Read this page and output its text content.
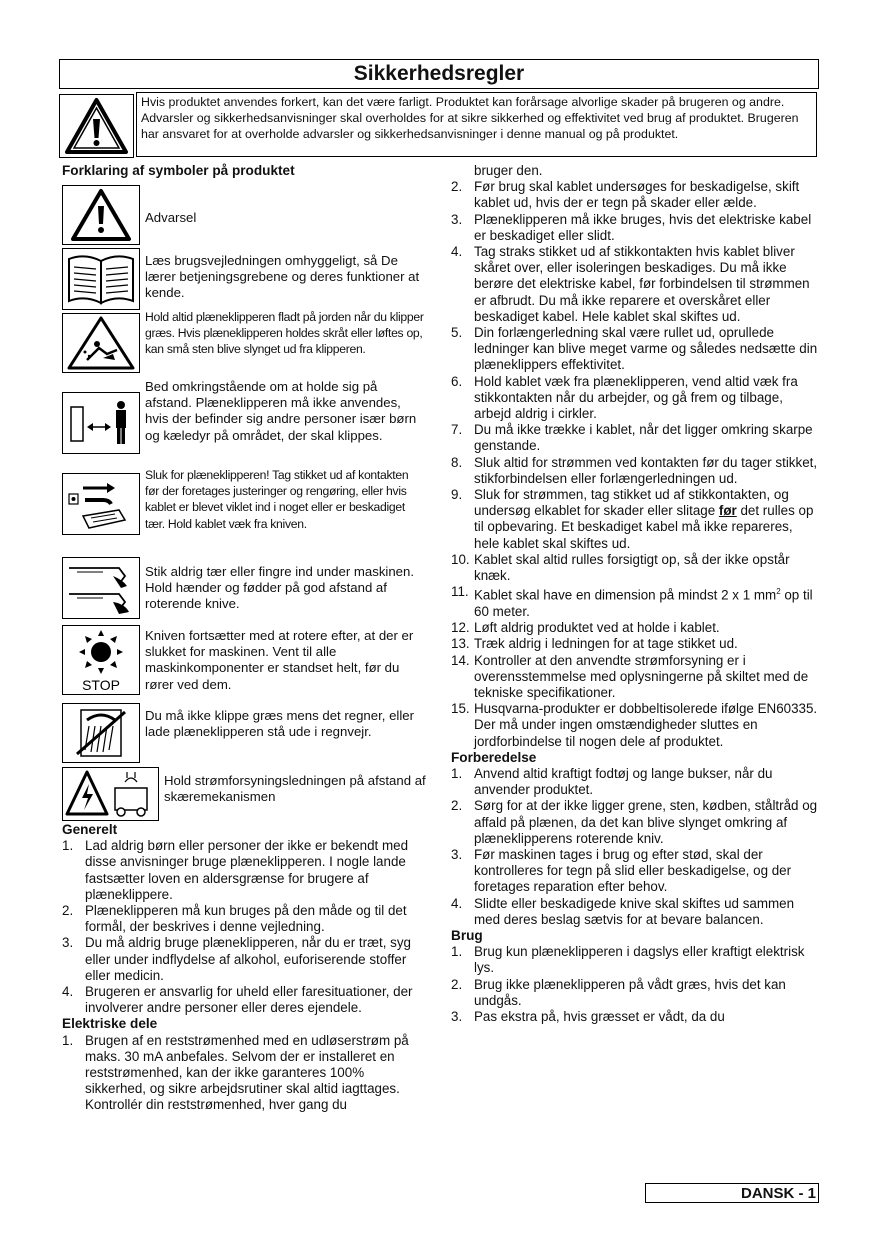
Sikkerhedsregler
Hvis produktet anvendes forkert, kan det være farligt. Produktet kan forårsage alvorlige skader på brugeren og andre. Advarsler og sikkerhedsanvisninger skal overholdes for at sikre sikkerhed og effektivitet ved brug af produktet. Brugeren har ansvaret for at overholde advarsler og sikkerhedsanvisninger i denne manual og på produktet.
Forklaring af symboler på produktet
Advarsel
Læs brugsvejledningen omhyggeligt, så De lærer betjeningsgrebene og deres funktioner at kende.
Hold altid plæneklipperen fladt på jorden når du klipper græs. Hvis plæneklipperen holdes skråt eller løftes op, kan små sten blive slynget ud fra klipperen.
Bed omkringstående om at holde sig på afstand. Plæneklipperen må ikke anvendes, hvis der befinder sig andre personer især børn og kæledyr på området, der skal klippes.
Sluk for plæneklipperen! Tag stikket ud af kontakten før der foretages justeringer og rengøring, eller hvis kablet er blevet viklet ind i noget eller er beskadiget tær. Hold kablet væk fra kniven.
Stik aldrig tær eller fingre ind under maskinen. Hold hænder og fødder på god afstand af roterende knive.
STOP
Kniven fortsætter med at rotere efter, at der er slukket for maskinen. Vent til alle maskinkomponenter er standset helt, før du rører ved dem.
Du må ikke klippe græs mens det regner, eller lade plæneklipperen stå ude i regnvejr.
Hold strømforsyningsledningen på afstand af skæremekanismen
Generelt
1. Lad aldrig børn eller personer der ikke er bekendt med disse anvisninger bruge plæneklipperen. I nogle lande fastsætter loven en aldersgrænse for brugere af plæneklippere.
2. Plæneklipperen må kun bruges på den måde og til det formål, der beskrives i denne vejledning.
3. Du må aldrig bruge plæneklipperen, når du er træt, syg eller under indflydelse af alkohol, euforiserende stoffer eller medicin.
4. Brugeren er ansvarlig for uheld eller faresituationer, der involverer andre personer eller deres ejendele.
Elektriske dele
1. Brugen af en reststrømenhed med en udløserstrøm på maks. 30 mA anbefales. Selvom der er installeret en reststrømenhed, kan der ikke garanteres 100% sikkerhed, og sikre arbejdsrutiner skal altid iagttages. Kontrollér din reststrømenhed, hver gang du
bruger den.
2. Før brug skal kablet undersøges for beskadigelse, skift kablet ud, hvis der er tegn på skader eller ælde.
3. Plæneklipperen må ikke bruges, hvis det elektriske kabel er beskadiget eller slidt.
4. Tag straks stikket ud af stikkontakten hvis kablet bliver skåret over, eller isoleringen beskadiges. Du må ikke berøre det elektriske kabel, før forbindelsen til strømmen er afbrudt. Du må ikke reparere et overskåret eller beskadiget kabel. Hele kablet skal skiftes ud.
5. Din forlængerledning skal være rullet ud, oprullede ledninger kan blive meget varme og således nedsætte din plæneklippers effektivitet.
6. Hold kablet væk fra plæneklipperen, vend altid væk fra stikkontakten når du arbejder, og gå frem og tilbage, arbejd aldrig i cirkler.
7. Du må ikke trække i kablet, når det ligger omkring skarpe genstande.
8. Sluk altid for strømmen ved kontakten før du tager stikket, stikforbindelsen eller forlængerledningen ud.
9. Sluk for strømmen, tag stikket ud af stikkontakten, og undersøg elkablet for skader eller slitage før det rulles op til opbevaring. Et beskadiget kabel må ikke repareres, hele kablet skal skiftes ud.
10. Kablet skal altid rulles forsigtigt op, så der ikke opstår knæk.
11. Kablet skal have en dimension på mindst 2 x 1 $mm^2$ op til 60 meter.
12. Løft aldrig produktet ved at holde i kablet.
13. Træk aldrig i ledningen for at tage stikket ud.
14. Kontroller at den anvendte strømforsyning er i overensstemmelse med oplysningerne på skiltet med de tekniske specifikationer.
15. Husqvarna-produkter er dobbeltisolerede ifølge EN60335. Der må under ingen omstændigheder sluttes en jordforbindelse til nogen dele af produktet.
Forberedelse
1. Anvend altid kraftigt fodtøj og lange bukser, når du anvender produktet.
2. Sørg for at der ikke ligger grene, sten, kødben, ståltråd og affald på plænen, da det kan blive slynget omkring af plæneklipperens roterende kniv.
3. Før maskinen tages i brug og efter stød, skal der kontrolleres for tegn på slid eller beskadigelse, og der foretages reparation efter behov.
4. Slidte eller beskadigede knive skal skiftes ud sammen med deres beslag sætvis for at bevare balancen.
Brug
1. Brug kun plæneklipperen i dagslys eller kraftigt elektrisk lys.
2. Brug ikke plæneklipperen på vådt græs, hvis det kan undgås.
3. Pas ekstra på, hvis græsset er vådt, da du
DANSK - 1
